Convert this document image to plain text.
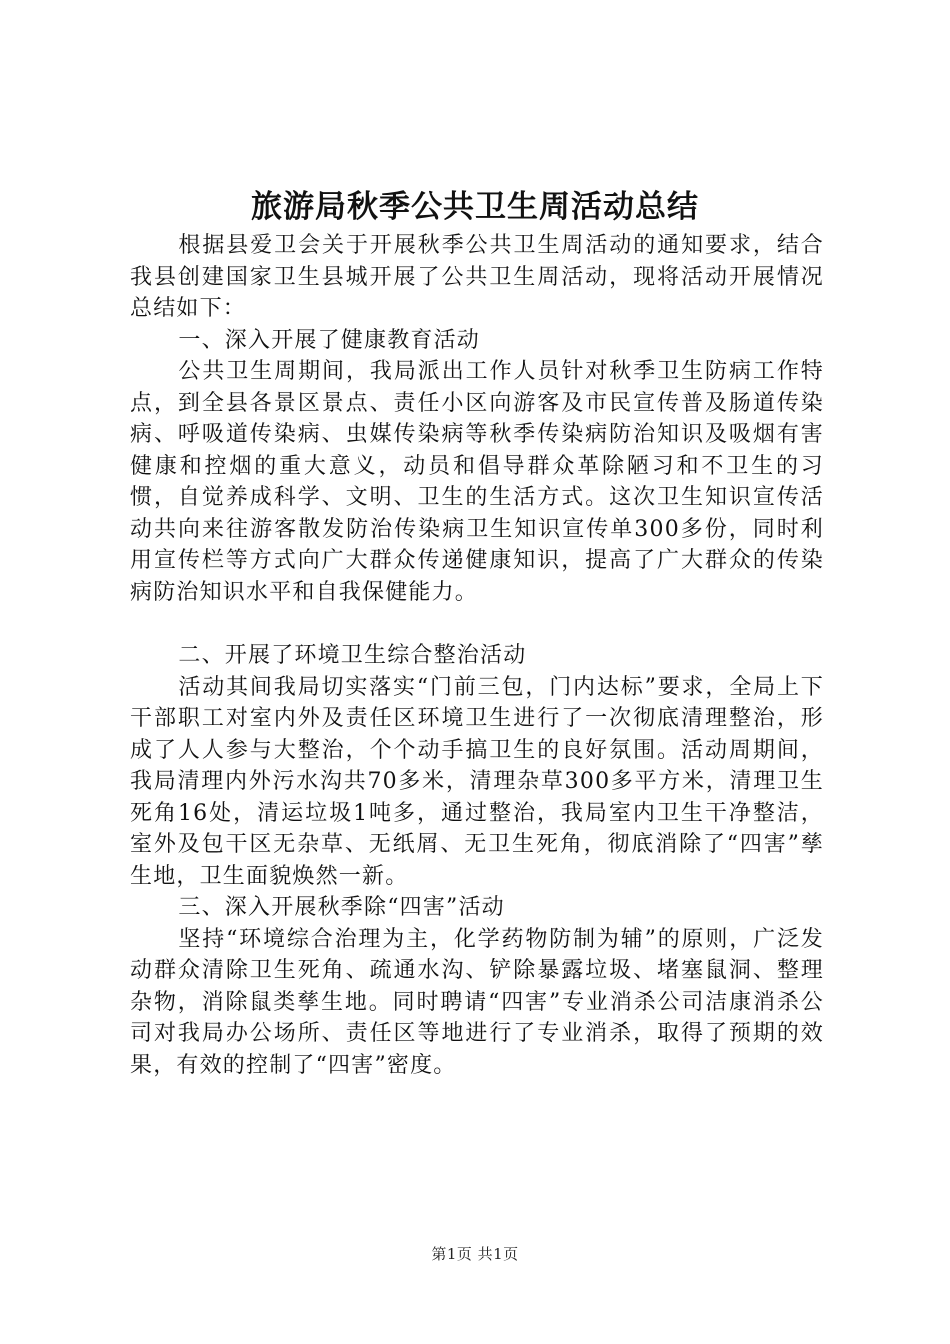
旅游局秋季公共卫生周活动总结

根据县爱卫会关于开展秋季公共卫生周活动的通知要求，结合我县创建国家卫生县城开展了公共卫生周活动，现将活动开展情况总结如下：

一、深入开展了健康教育活动

公共卫生周期间，我局派出工作人员针对秋季卫生防病工作特点，到全县各景区景点、责任小区向游客及市民宣传普及肠道传染病、呼吸道传染病、虫媒传染病等秋季传染病防治知识及吸烟有害健康和控烟的重大意义，动员和倡导群众革除陋习和不卫生的习惯，自觉养成科学、文明、卫生的生活方式。这次卫生知识宣传活动共向来往游客散发防治传染病卫生知识宣传单300多份，同时利用宣传栏等方式向广大群众传递健康知识，提高了广大群众的传染病防治知识水平和自我保健能力。

二、开展了环境卫生综合整治活动

活动其间我局切实落实“门前三包，门内达标”要求，全局上下干部职工对室内外及责任区环境卫生进行了一次彻底清理整治，形成了人人参与大整治，个个动手搞卫生的良好氛围。活动周期间，我局清理内外污水沟共70多米，清理杂草300多平方米，清理卫生死角16处，清运垃圾1吨多，通过整治，我局室内卫生干净整洁，室外及包干区无杂草、无纸屑、无卫生死角，彻底消除了“四害”孳生地，卫生面貌焕然一新。

三、深入开展秋季除“四害”活动

坚持“环境综合治理为主，化学药物防制为辅”的原则，广泛发动群众清除卫生死角、疏通水沟、铲除暴露垃圾、堵塞鼠洞、整理杂物，消除鼠类孳生地。同时聘请“四害”专业消杀公司洁康消杀公司对我局办公场所、责任区等地进行了专业消杀，取得了预期的效果，有效的控制了“四害”密度。

第1页 共1页
